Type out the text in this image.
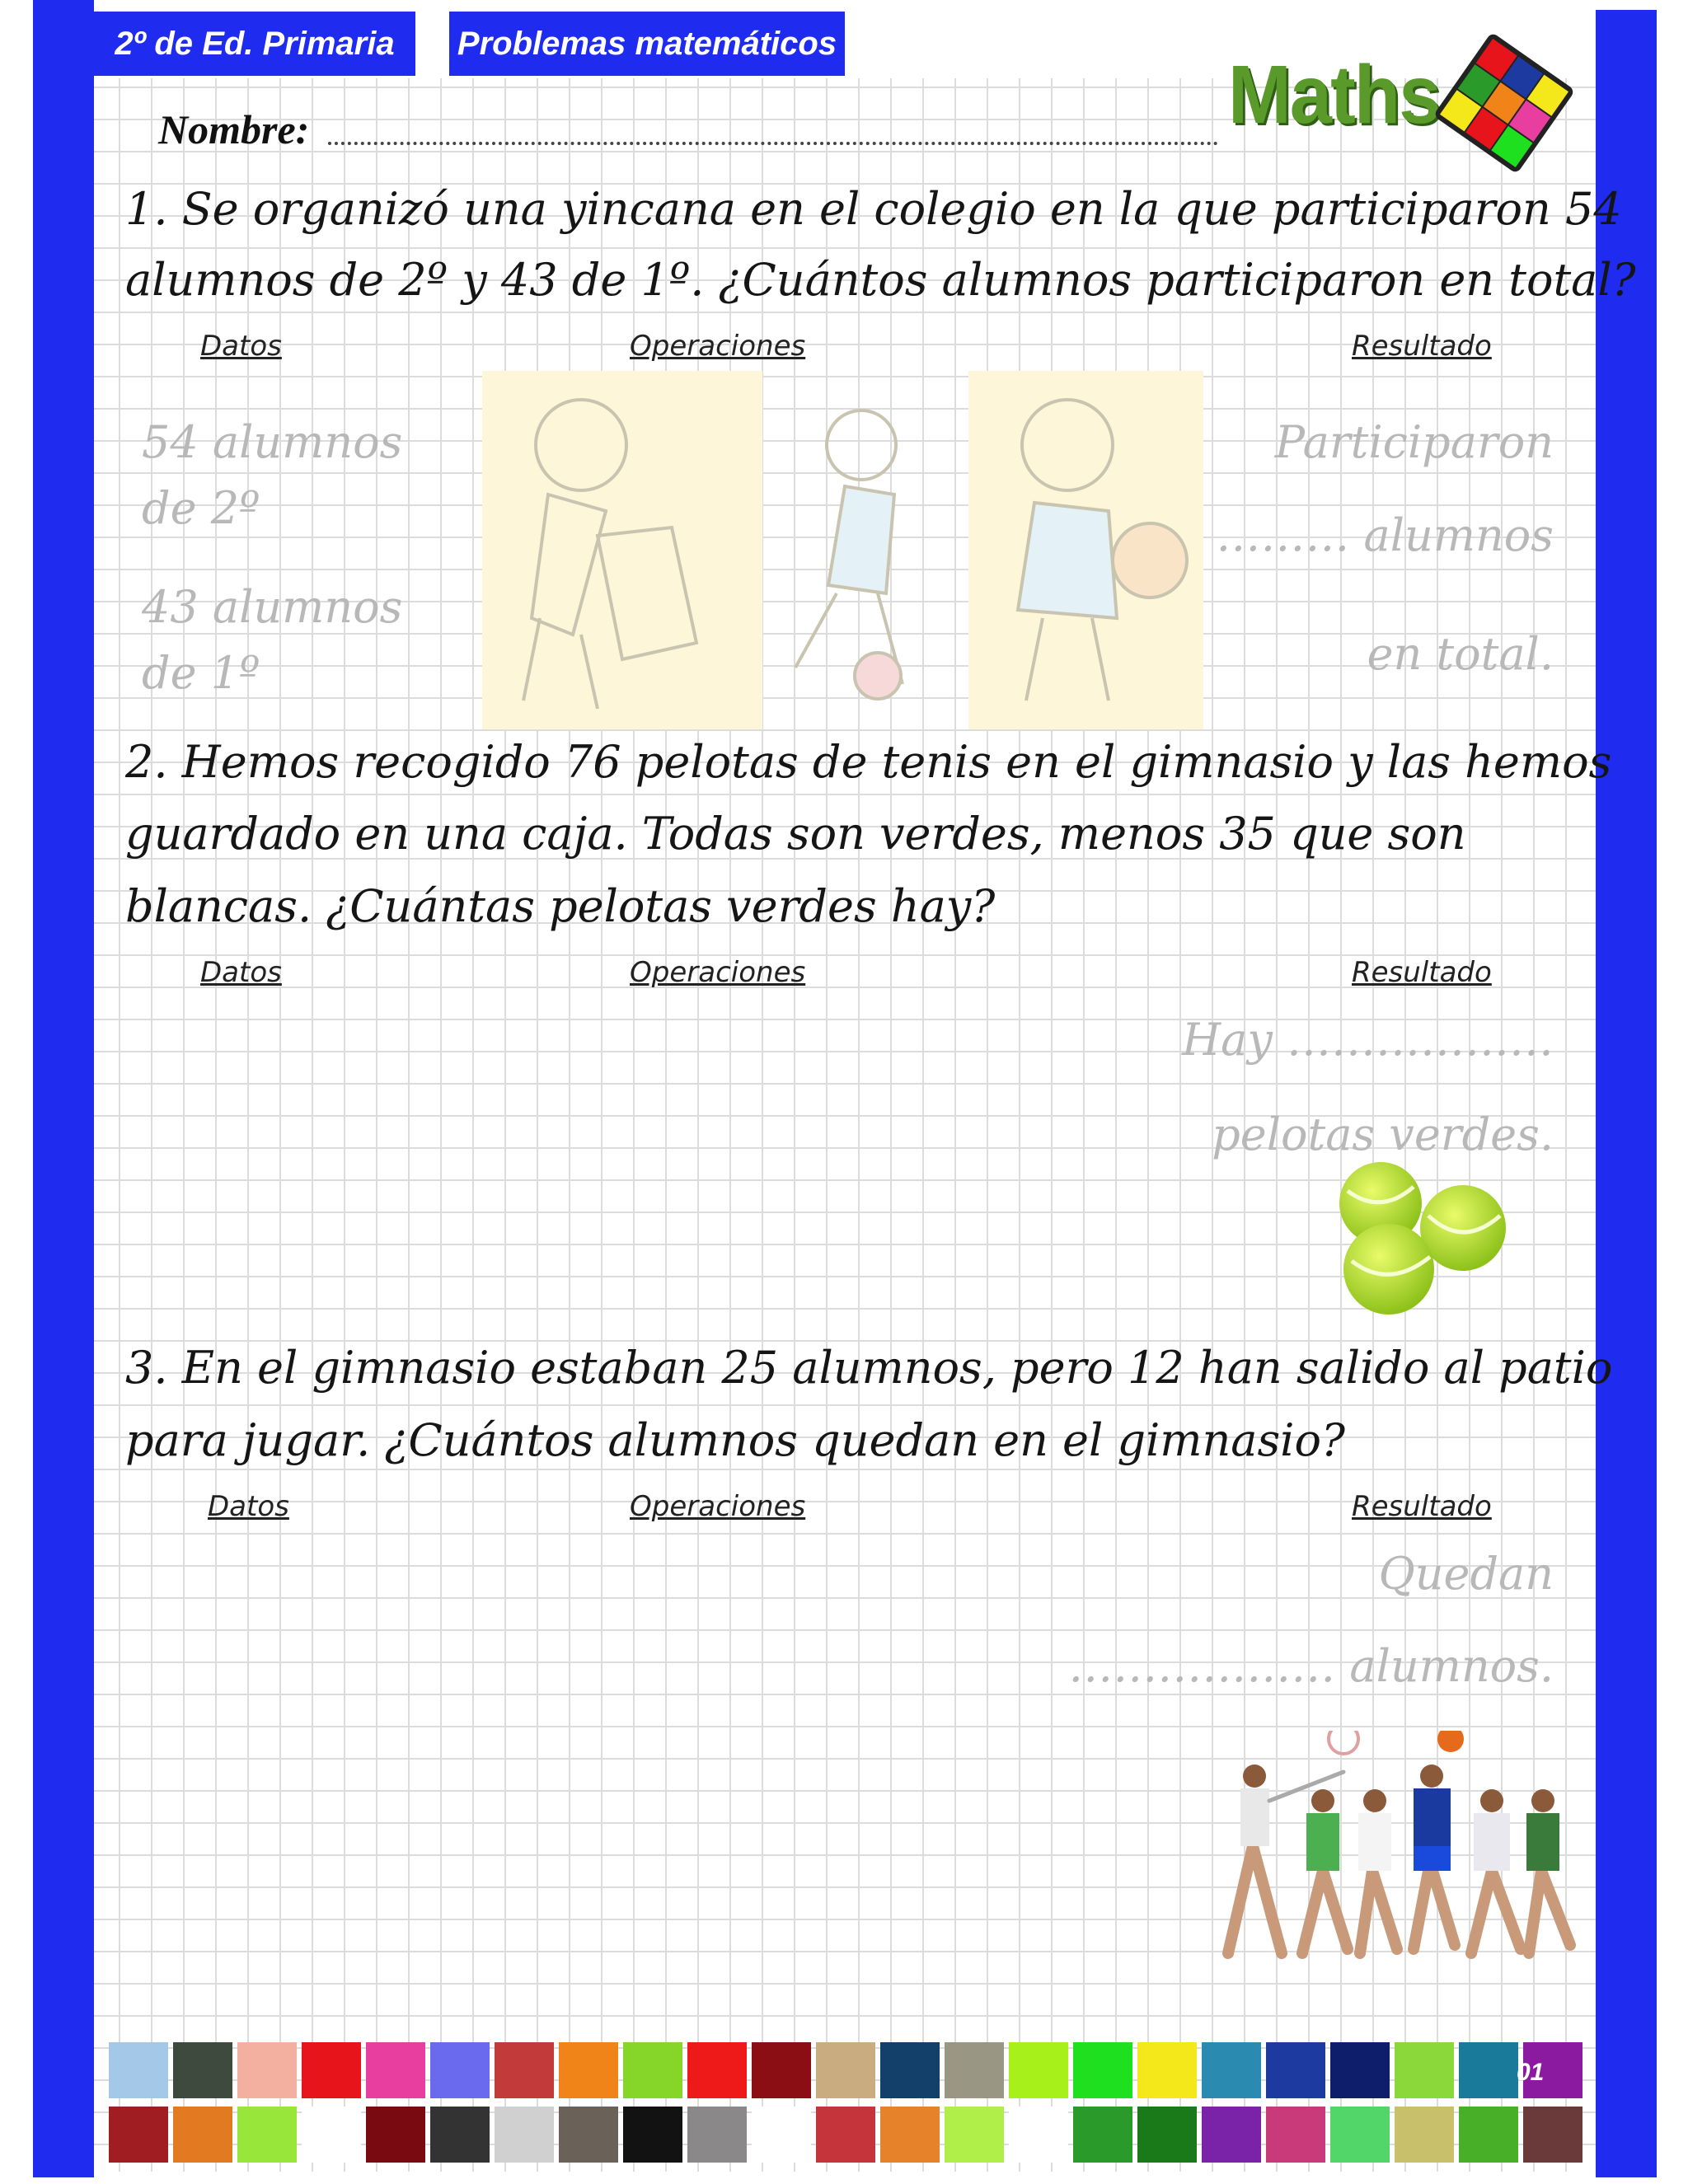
2º de Ed. Primaria	Problemas matemáticos
Maths
Nombre:
1. Se organizó una yincana en el colegio en la que participaron 54
alumnos de 2º y 43 de 1º. ¿Cuántos alumnos participaron en total?
Datos	Operaciones	Resultado
54 alumnos
de 2º
43 alumnos
de 1º
Participaron
……… alumnos
en total.
2. Hemos recogido 76 pelotas de tenis en el gimnasio y las hemos
guardado en una caja. Todas son verdes, menos 35 que son
blancas. ¿Cuántas pelotas verdes hay?
Datos	Operaciones	Resultado
Hay ………………
pelotas verdes.
3. En el gimnasio estaban 25 alumnos, pero 12 han salido al patio
para jugar. ¿Cuántos alumnos quedan en el gimnasio?
Datos	Operaciones	Resultado
Quedan
……………… alumnos.
01
